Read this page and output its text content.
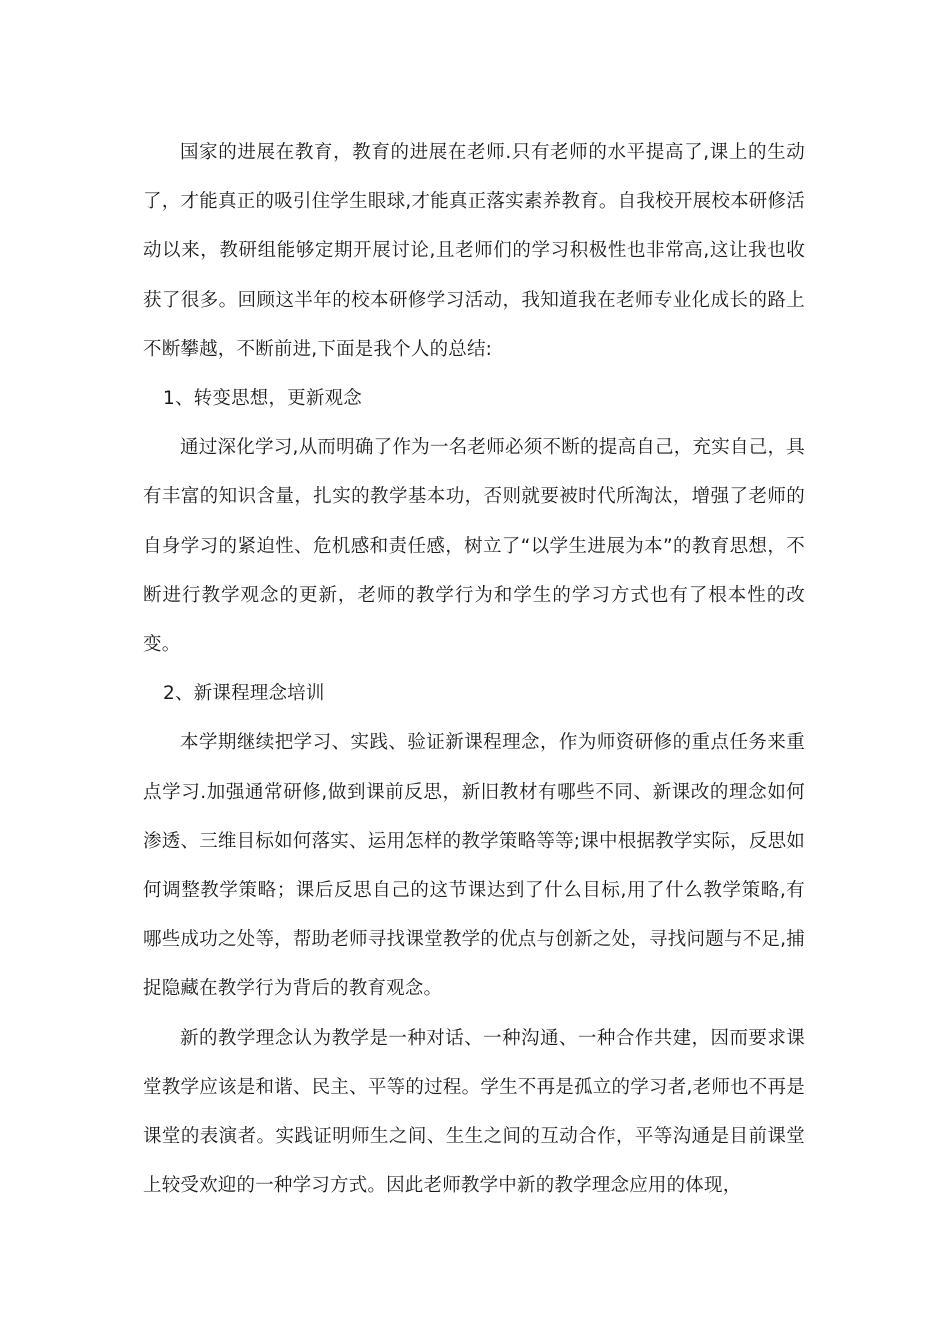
国家的进展在教育，教育的进展在老师.只有老师的水平提高了,课上的生动了，才能真正的吸引住学生眼球,才能真正落实素养教育。自我校开展校本研修活动以来，教研组能够定期开展讨论,且老师们的学习积极性也非常高,这让我也收获了很多。回顾这半年的校本研修学习活动，我知道我在老师专业化成长的路上不断攀越，不断前进,下面是我个人的总结:

1、转变思想，更新观念

通过深化学习,从而明确了作为一名老师必须不断的提高自己，充实自己，具有丰富的知识含量，扎实的教学基本功，否则就要被时代所淘汰，增强了老师的自身学习的紧迫性、危机感和责任感，树立了“以学生进展为本”的教育思想，不断进行教学观念的更新，老师的教学行为和学生的学习方式也有了根本性的改变。

2、新课程理念培训

本学期继续把学习、实践、验证新课程理念，作为师资研修的重点任务来重点学习.加强通常研修,做到课前反思，新旧教材有哪些不同、新课改的理念如何渗透、三维目标如何落实、运用怎样的教学策略等等;课中根据教学实际，反思如何调整教学策略；课后反思自己的这节课达到了什么目标,用了什么教学策略,有哪些成功之处等，帮助老师寻找课堂教学的优点与创新之处，寻找问题与不足,捕捉隐藏在教学行为背后的教育观念。

新的教学理念认为教学是一种对话、一种沟通、一种合作共建，因而要求课堂教学应该是和谐、民主、平等的过程。学生不再是孤立的学习者,老师也不再是课堂的表演者。实践证明师生之间、生生之间的互动合作，平等沟通是目前课堂上较受欢迎的一种学习方式。因此老师教学中新的教学理念应用的体现，
